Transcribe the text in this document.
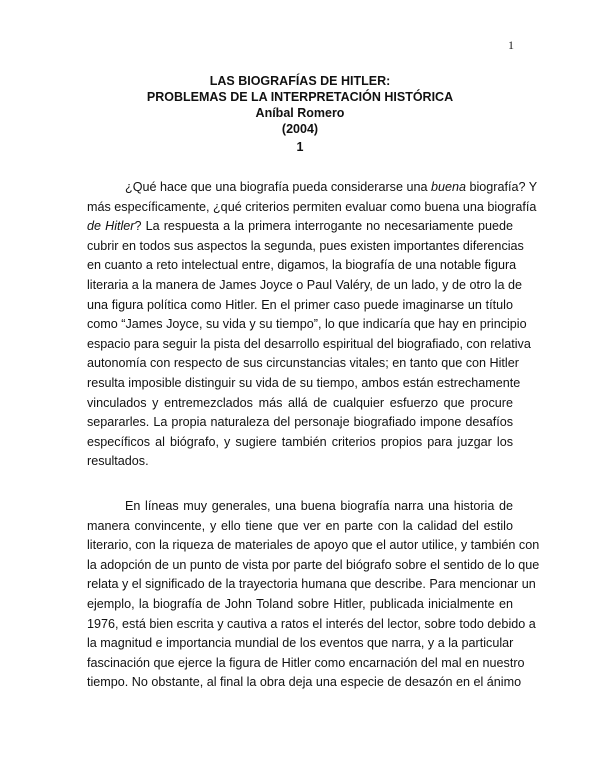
1
LAS BIOGRAFÍAS DE HITLER:
PROBLEMAS DE LA INTERPRETACIÓN HISTÓRICA
Aníbal Romero
(2004)
1
¿Qué hace que una biografía pueda considerarse una buena biografía? Y
más específicamente, ¿qué criterios permiten evaluar como buena una biografía
de Hitler? La respuesta a la primera interrogante no necesariamente puede
cubrir en todos sus aspectos la segunda, pues existen importantes diferencias
en cuanto a reto intelectual entre, digamos, la biografía de una notable figura
literaria a la manera de James Joyce o Paul Valéry, de un lado, y de otro la de
una figura política como Hitler. En el primer caso puede imaginarse un título
como “James Joyce, su vida y su tiempo”, lo que indicaría que hay en principio
espacio para seguir la pista del desarrollo espiritual del biografiado, con relativa
autonomía con respecto de sus circunstancias vitales; en tanto que con Hitler
resulta imposible distinguir su vida de su tiempo, ambos están estrechamente
vinculados y entremezclados más allá de cualquier esfuerzo que procure
separarles. La propia naturaleza del personaje biografiado impone desafíos
específicos al biógrafo, y sugiere también criterios propios para juzgar los
resultados.
En líneas muy generales, una buena biografía narra una historia de
manera convincente, y ello tiene que ver en parte con la calidad del estilo
literario, con la riqueza de materiales de apoyo que el autor utilice, y también con
la adopción de un punto de vista por parte del biógrafo sobre el sentido de lo que
relata y el significado de la trayectoria humana que describe. Para mencionar un
ejemplo, la biografía de John Toland sobre Hitler, publicada inicialmente en
1976, está bien escrita y cautiva a ratos el interés del lector, sobre todo debido a
la magnitud e importancia mundial de los eventos que narra, y a la particular
fascinación que ejerce la figura de Hitler como encarnación del mal en nuestro
tiempo. No obstante, al final la obra deja una especie de desazón en el ánimo
